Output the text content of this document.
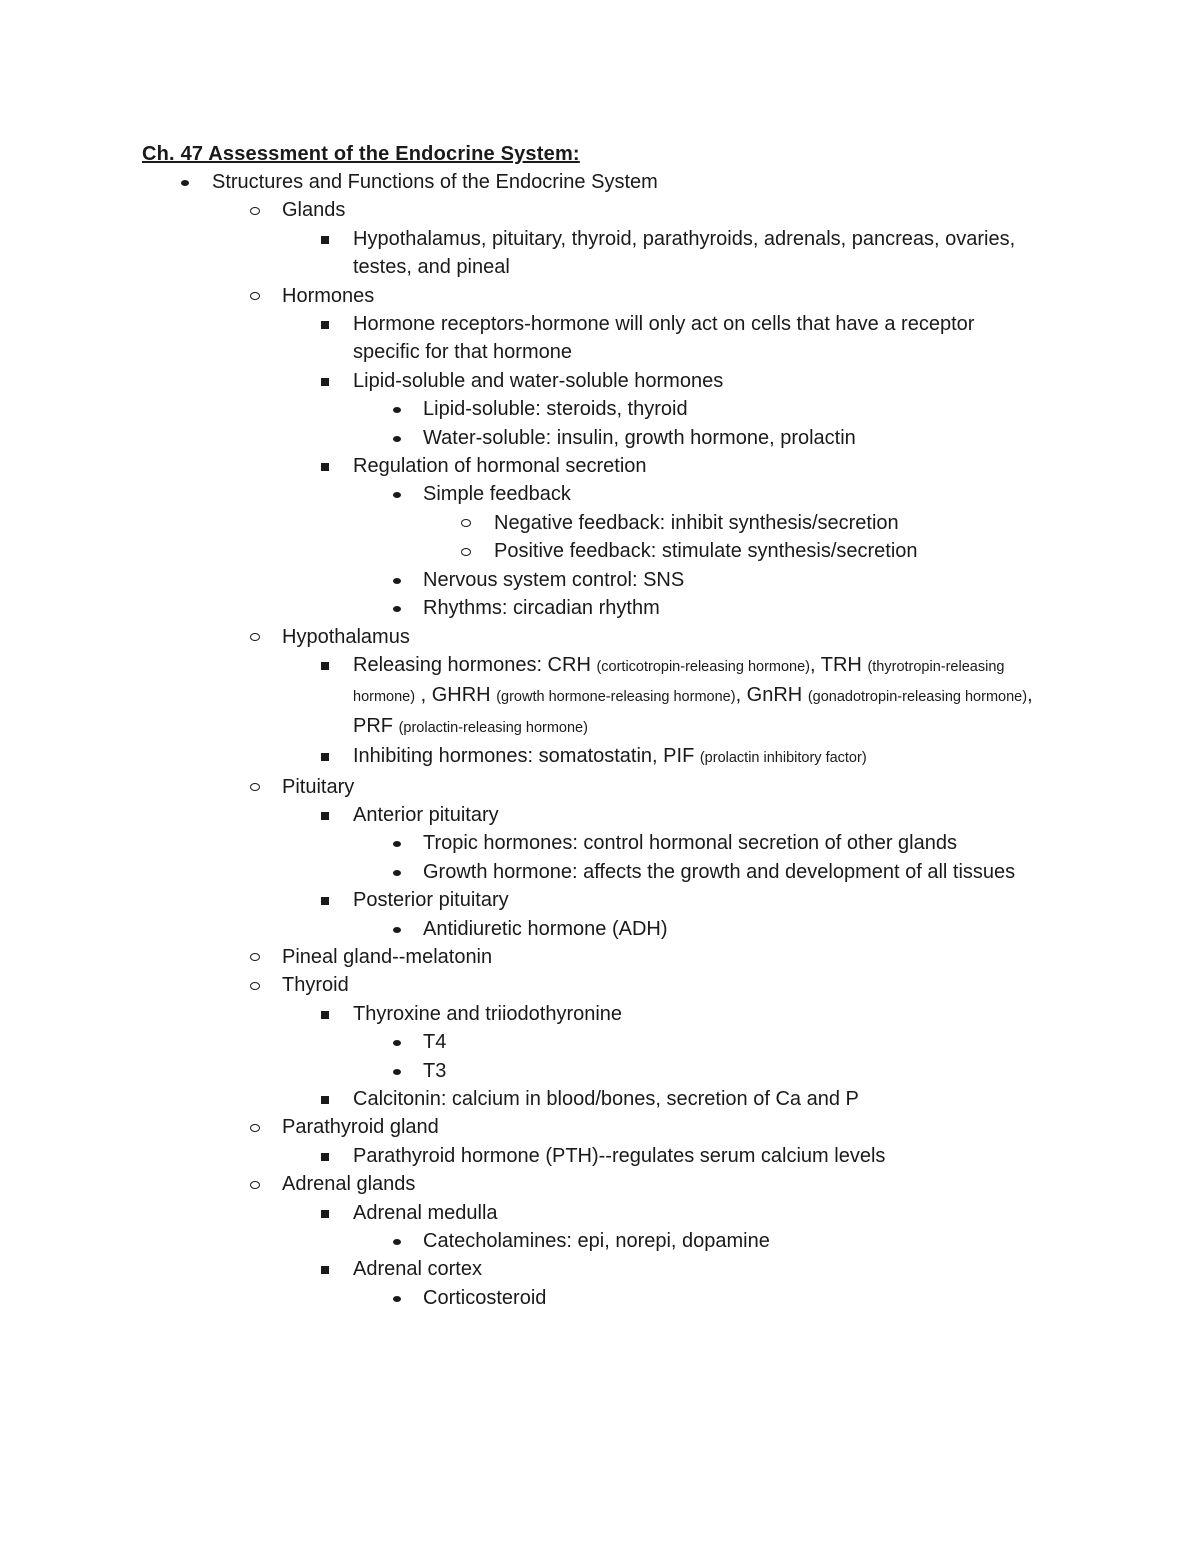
Ch. 47 Assessment of the Endocrine System:
Structures and Functions of the Endocrine System
Glands
Hypothalamus, pituitary, thyroid, parathyroids, adrenals, pancreas, ovaries, testes, and pineal
Hormones
Hormone receptors-hormone will only act on cells that have a receptor specific for that hormone
Lipid-soluble and water-soluble hormones
Lipid-soluble: steroids, thyroid
Water-soluble: insulin, growth hormone, prolactin
Regulation of hormonal secretion
Simple feedback
Negative feedback: inhibit synthesis/secretion
Positive feedback: stimulate synthesis/secretion
Nervous system control: SNS
Rhythms: circadian rhythm
Hypothalamus
Releasing hormones: CRH (corticotropin-releasing hormone), TRH (thyrotropin-releasing hormone) , GHRH (growth hormone-releasing hormone), GnRH (gonadotropin-releasing hormone), PRF (prolactin-releasing hormone)
Inhibiting hormones: somatostatin, PIF (prolactin inhibitory factor)
Pituitary
Anterior pituitary
Tropic hormones: control hormonal secretion of other glands
Growth hormone: affects the growth and development of all tissues
Posterior pituitary
Antidiuretic hormone (ADH)
Pineal gland--melatonin
Thyroid
Thyroxine and triiodothyronine
T4
T3
Calcitonin: calcium in blood/bones, secretion of Ca and P
Parathyroid gland
Parathyroid hormone (PTH)--regulates serum calcium levels
Adrenal glands
Adrenal medulla
Catecholamines: epi, norepi, dopamine
Adrenal cortex
Corticosteroid
